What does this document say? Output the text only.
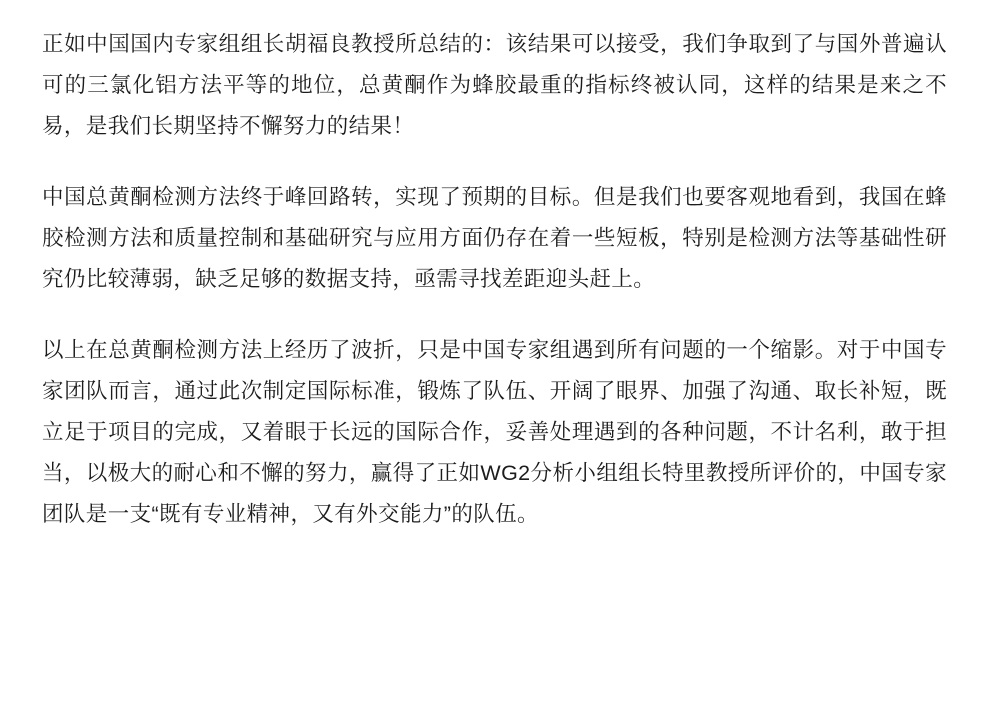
正如中国国内专家组组长胡福良教授所总结的：该结果可以接受，我们争取到了与国外普遍认可的三氯化铝方法平等的地位，总黄酮作为蜂胶最重的指标终被认同，这样的结果是来之不易，是我们长期坚持不懈努力的结果！

中国总黄酮检测方法终于峰回路转，实现了预期的目标。但是我们也要客观地看到，我国在蜂胶检测方法和质量控制和基础研究与应用方面仍存在着一些短板，特别是检测方法等基础性研究仍比较薄弱，缺乏足够的数据支持，亟需寻找差距迎头赶上。

以上在总黄酮检测方法上经历了波折，只是中国专家组遇到所有问题的一个缩影。对于中国专家团队而言，通过此次制定国际标准，锻炼了队伍、开阔了眼界、加强了沟通、取长补短，既立足于项目的完成，又着眼于长远的国际合作，妥善处理遇到的各种问题，不计名利，敢于担当，以极大的耐心和不懈的努力，赢得了正如WG2分析小组组长特里教授所评价的，中国专家团队是一支“既有专业精神，又有外交能力”的队伍。
